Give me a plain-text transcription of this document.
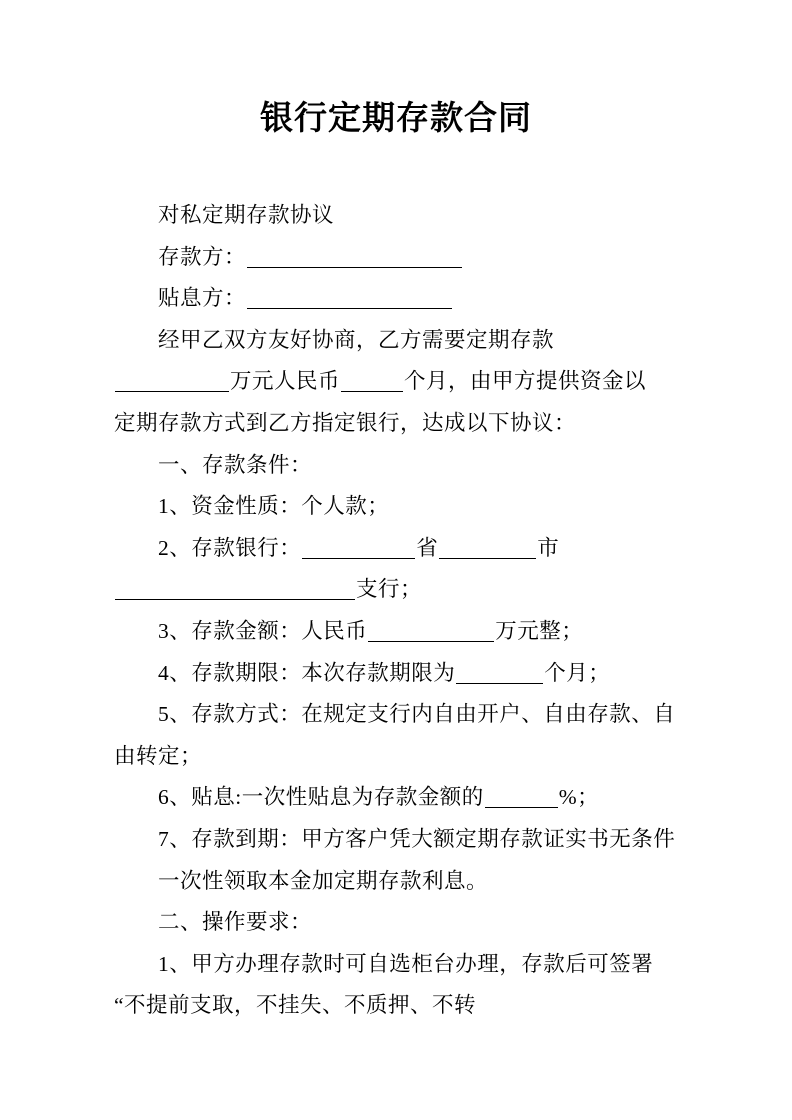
银行定期存款合同
对私定期存款协议
存款方：
贴息方：
经甲乙双方友好协商，乙方需要定期存款
万元人民币	个月，由甲方提供资金以
定期存款方式到乙方指定银行，达成以下协议：
一、存款条件：
1、资金性质：个人款；
2、存款银行：	省	市
支行；
3、存款金额：人民币	万元整；
4、存款期限：本次存款期限为	个月；
5、存款方式：在规定支行内自由开户、自由存款、自
由转定；
6、贴息:一次性贴息为存款金额的	%；
7、存款到期：甲方客户凭大额定期存款证实书无条件
一次性领取本金加定期存款利息。
二、操作要求：
1、甲方办理存款时可自选柜台办理，存款后可签署
“不提前支取，不挂失、不质押、不转
